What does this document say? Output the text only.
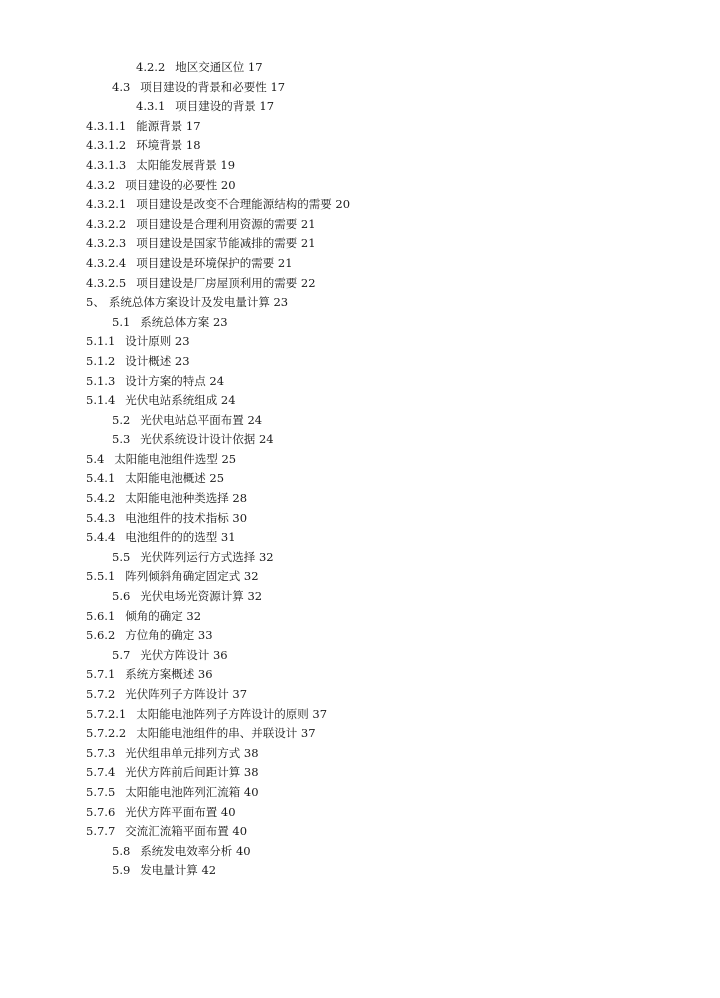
4.2.2 地区交通区位 17
4.3 项目建设的背景和必要性 17
4.3.1 项目建设的背景 17
4.3.1.1 能源背景 17
4.3.1.2 环境背景 18
4.3.1.3 太阳能发展背景 19
4.3.2 项目建设的必要性 20
4.3.2.1 项目建设是改变不合理能源结构的需要 20
4.3.2.2 项目建设是合理利用资源的需要 21
4.3.2.3 项目建设是国家节能减排的需要 21
4.3.2.4 项目建设是环境保护的需要 21
4.3.2.5 项目建设是厂房屋顶利用的需要 22
5、 系统总体方案设计及发电量计算 23
5.1 系统总体方案 23
5.1.1 设计原则 23
5.1.2 设计概述 23
5.1.3 设计方案的特点 24
5.1.4 光伏电站系统组成 24
5.2 光伏电站总平面布置 24
5.3 光伏系统设计设计依据 24
5.4 太阳能电池组件选型 25
5.4.1 太阳能电池概述 25
5.4.2 太阳能电池种类选择 28
5.4.3 电池组件的技术指标 30
5.4.4 电池组件的的选型 31
5.5 光伏阵列运行方式选择 32
5.5.1 阵列倾斜角确定固定式 32
5.6 光伏电场光资源计算 32
5.6.1 倾角的确定 32
5.6.2 方位角的确定 33
5.7 光伏方阵设计 36
5.7.1 系统方案概述 36
5.7.2 光伏阵列子方阵设计 37
5.7.2.1 太阳能电池阵列子方阵设计的原则 37
5.7.2.2 太阳能电池组件的串、并联设计 37
5.7.3 光伏组串单元排列方式 38
5.7.4 光伏方阵前后间距计算 38
5.7.5 太阳能电池阵列汇流箱 40
5.7.6 光伏方阵平面布置 40
5.7.7 交流汇流箱平面布置 40
5.8 系统发电效率分析 40
5.9 发电量计算 42
